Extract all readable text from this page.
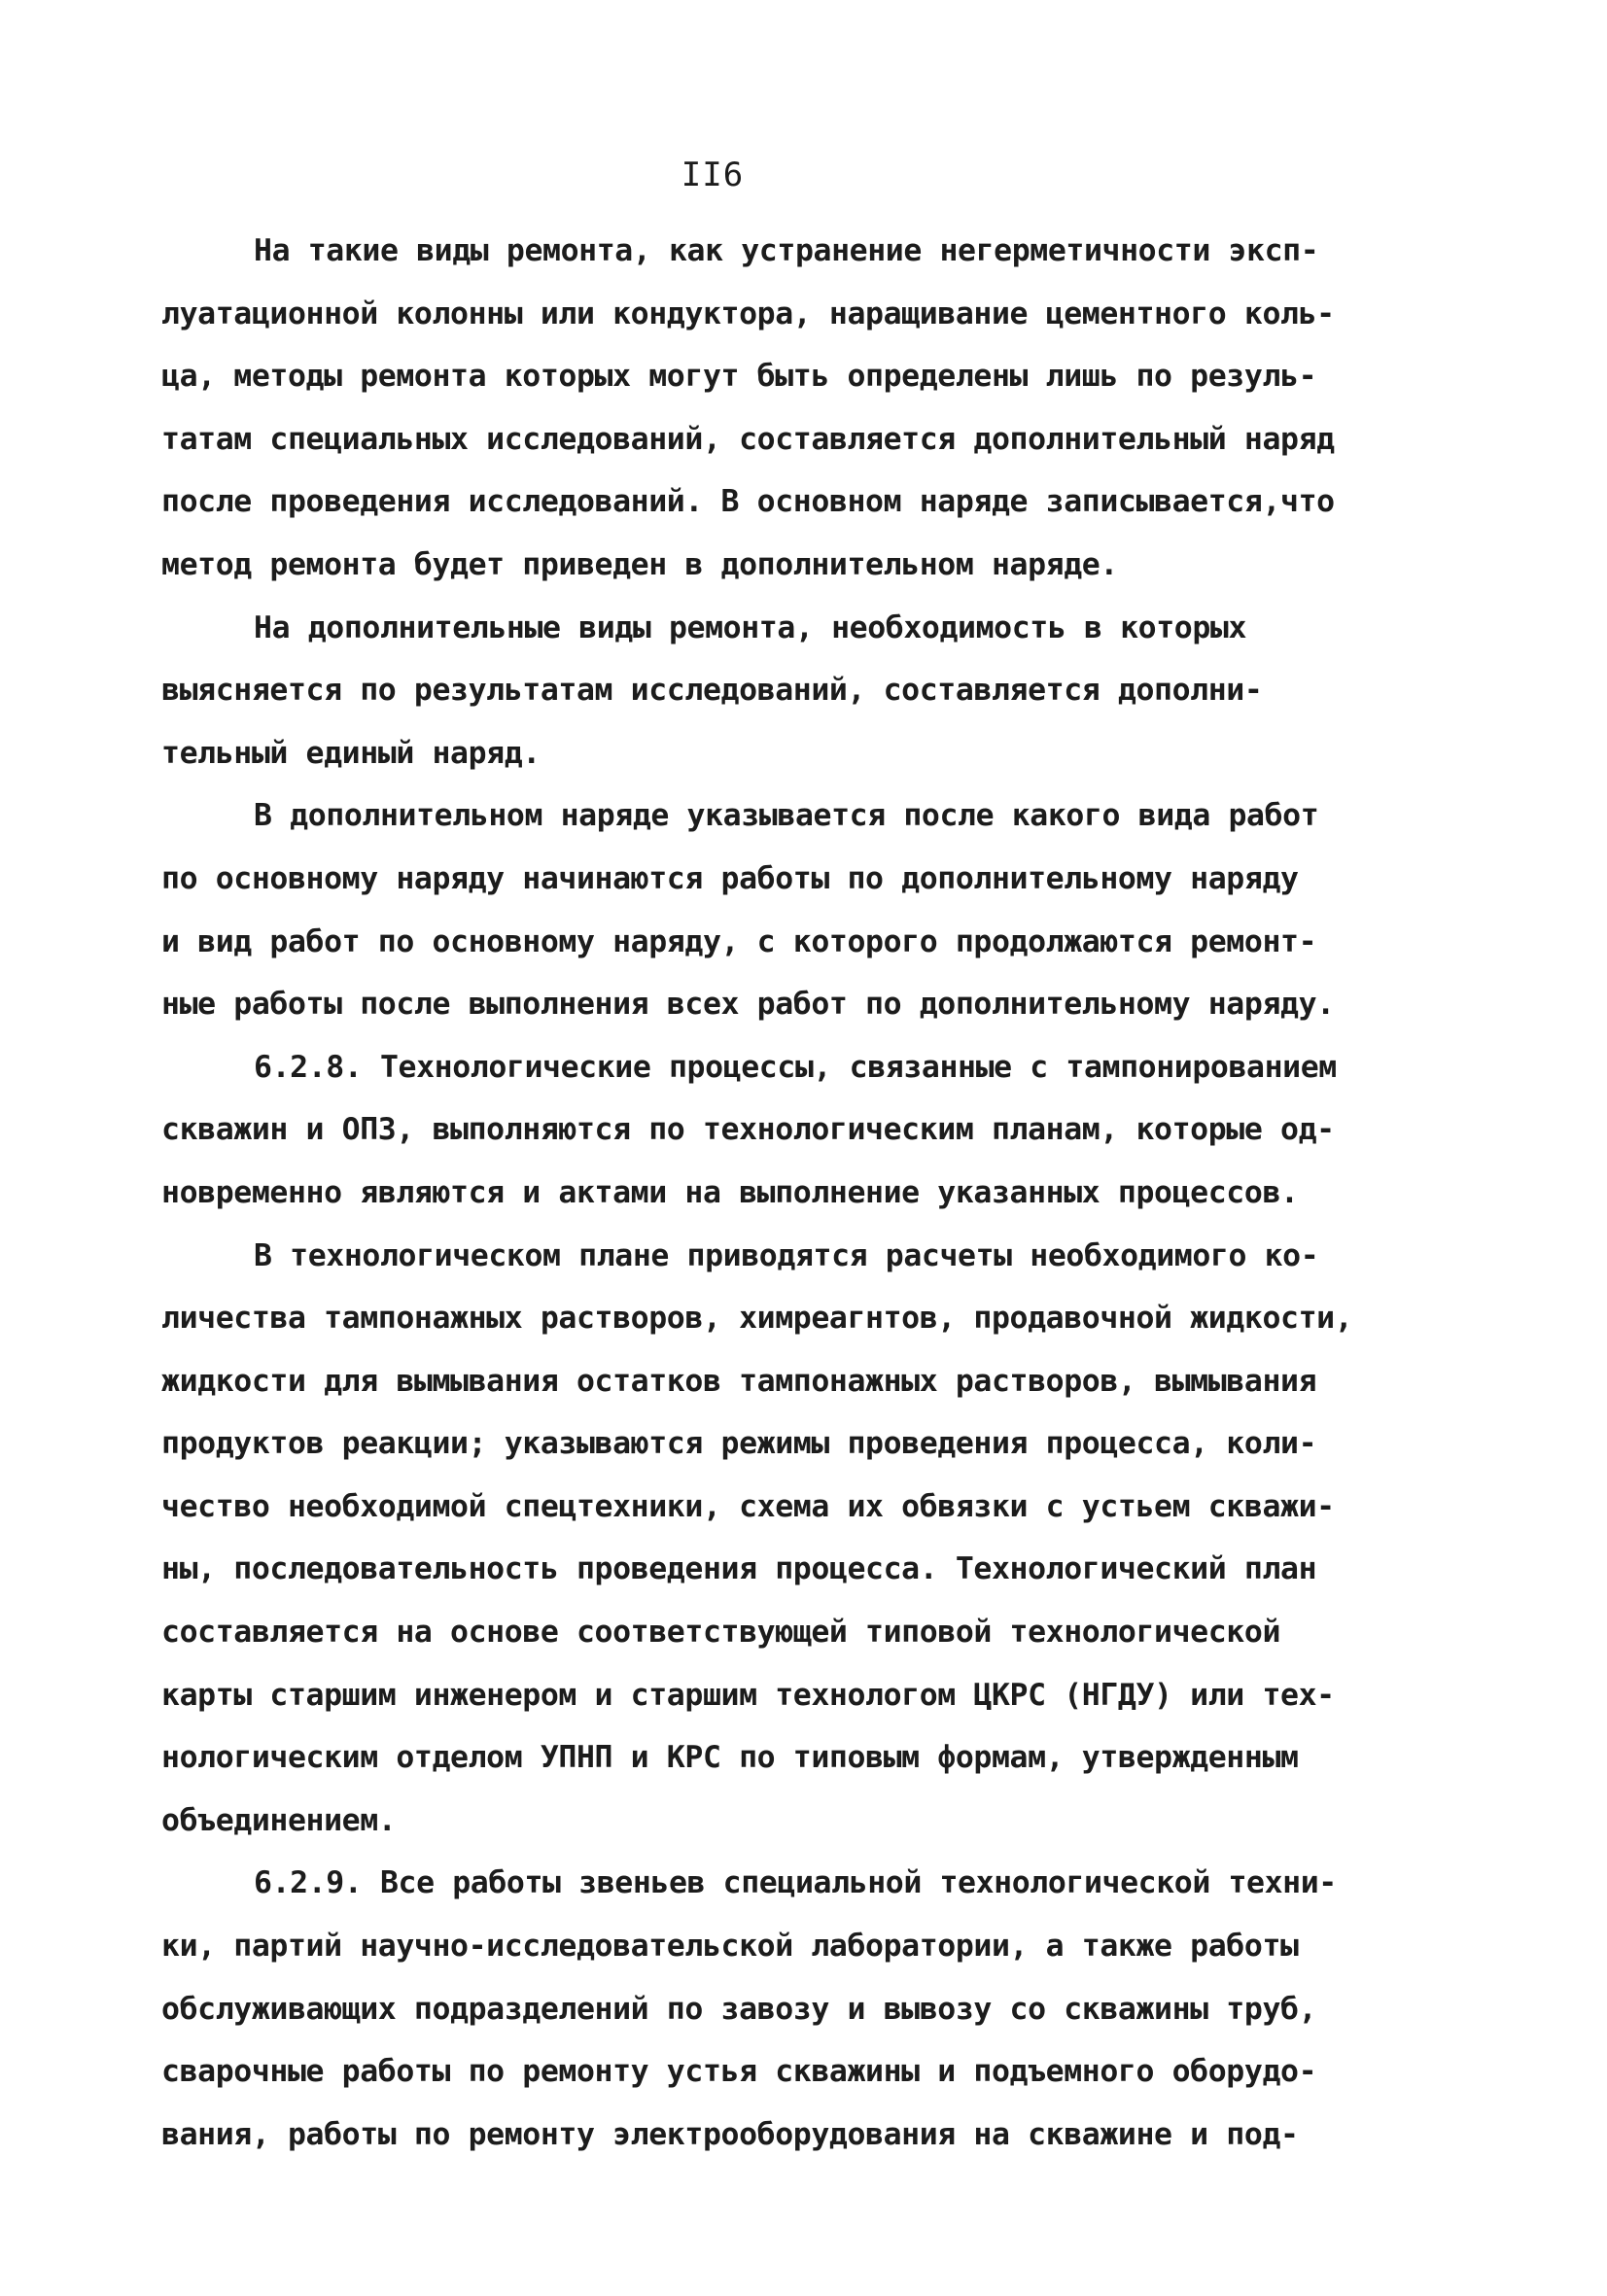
II6
На такие виды ремонта, как устранение негерметичности экcп-
луатационной колонны или кондуктора, наращивание цементного коль-
ца, методы ремонта которых могут быть определены лишь по резуль-
татам специальных исследований, составляется дополнительный наряд
после проведения исследований. В основном наряде записывается,что
метод ремонта будет приведен в дополнительном наряде.
На дополнительные виды ремонта, необходимость в которых
выясняется по результатам исследований, составляется дополни-
тельный единый наряд.
В дополнительном наряде указывается после какого вида работ
по основному наряду начинаются работы по дополнительному наряду
и вид работ по основному наряду, с которого продолжаются ремонт-
ные работы после выполнения всех работ по дополнительному наряду.
6.2.8. Технологические процессы, связанные с тампонированием
скважин и ОПЗ, выполняются по технологическим планам, которые од-
новременно являются и актами на выполнение указанных процессов.
В технологическом плане приводятся расчеты необходимого ко-
личества тампонажных растворов, химреагнтов, продавочной жидкости,
жидкости для вымывания остатков тампонажных растворов, вымывания
продуктов реакции; указываются режимы проведения процесса, коли-
чество необходимой спецтехники, схема их обвязки с устьем скважи-
ны, последовательность проведения процесса. Технологический план
составляется на основе соответствующей типовой технологической
карты старшим инженером и старшим технологом ЦКРС (НГДУ) или тех-
нологическим отделом УПНП и КРС по типовым формам, утвержденным
объединением.
6.2.9. Все работы звеньев специальной технологической техни-
ки, партий научно-исследовательской лаборатории, а также работы
обслуживающих подразделений по завозу и вывозу со скважины труб,
сварочные работы по ремонту устья скважины и подъемного оборудо-
вания, работы по ремонту электрооборудования на скважине и под-
